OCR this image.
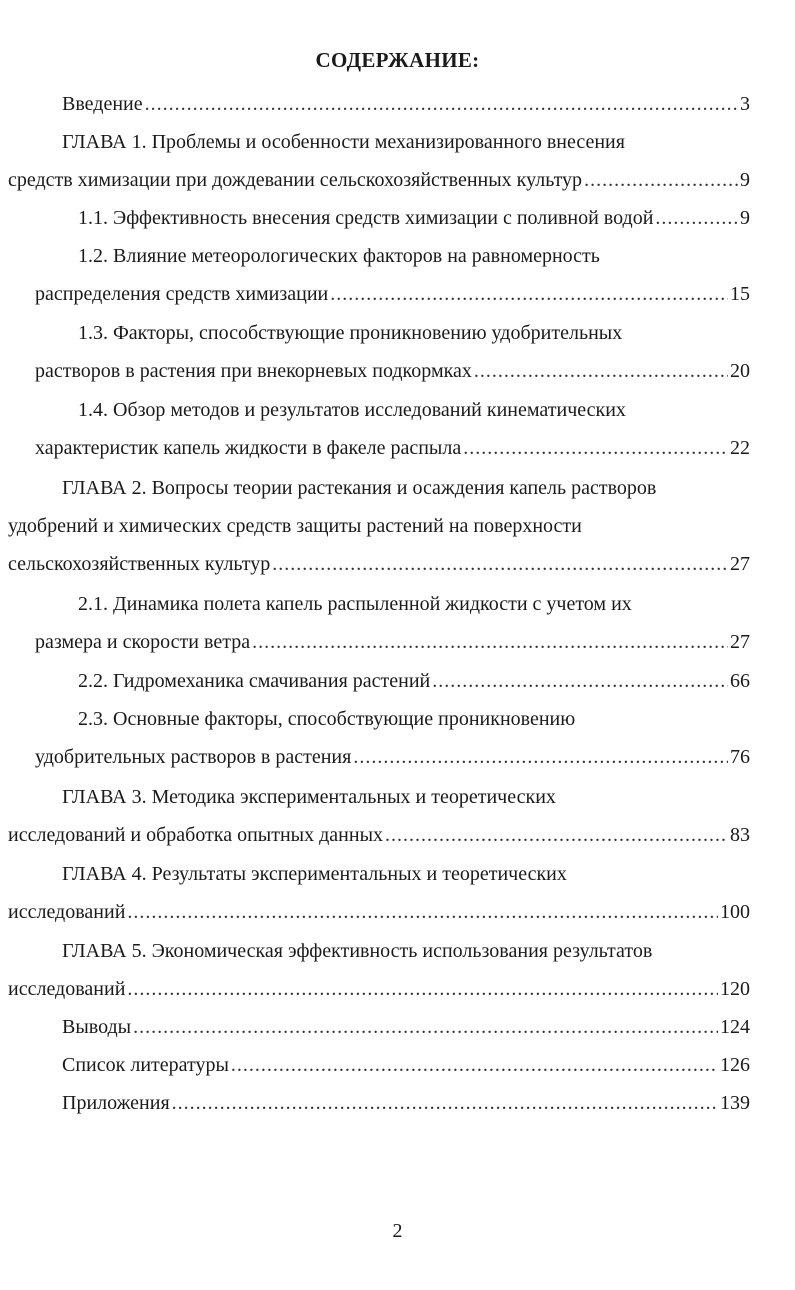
СОДЕРЖАНИЕ:
Введение .....	3
ГЛАВА 1. Проблемы и особенности механизированного внесения
средств химизации при дождевании сельскохозяйственных культур .....	9
1.1. Эффективность внесения средств химизации с поливной водой .....	9
1.2. Влияние метеорологических факторов на равномерность
распределения средств химизации .....	15
1.3. Факторы, способствующие проникновению удобрительных
растворов в растения при внекорневых подкормках .....	20
1.4. Обзор методов и результатов исследований кинематических
характеристик капель жидкости в факеле распыла .....	22
ГЛАВА 2. Вопросы теории растекания и осаждения капель растворов
удобрений и химических средств защиты растений на поверхности
сельскохозяйственных культур .....	27
2.1. Динамика полета капель распыленной жидкости с учетом их
размера и скорости ветра .....	27
2.2. Гидромеханика смачивания растений .....	66
2.3. Основные факторы, способствующие проникновению
удобрительных растворов в растения .....	76
ГЛАВА 3. Методика экспериментальных и теоретических
исследований и обработка опытных данных .....	83
ГЛАВА 4. Результаты экспериментальных и теоретических
исследований .....	100
ГЛАВА 5. Экономическая эффективность использования результатов
исследований .....	120
Выводы .....	124
Список литературы .....	126
Приложения .....	139
2
